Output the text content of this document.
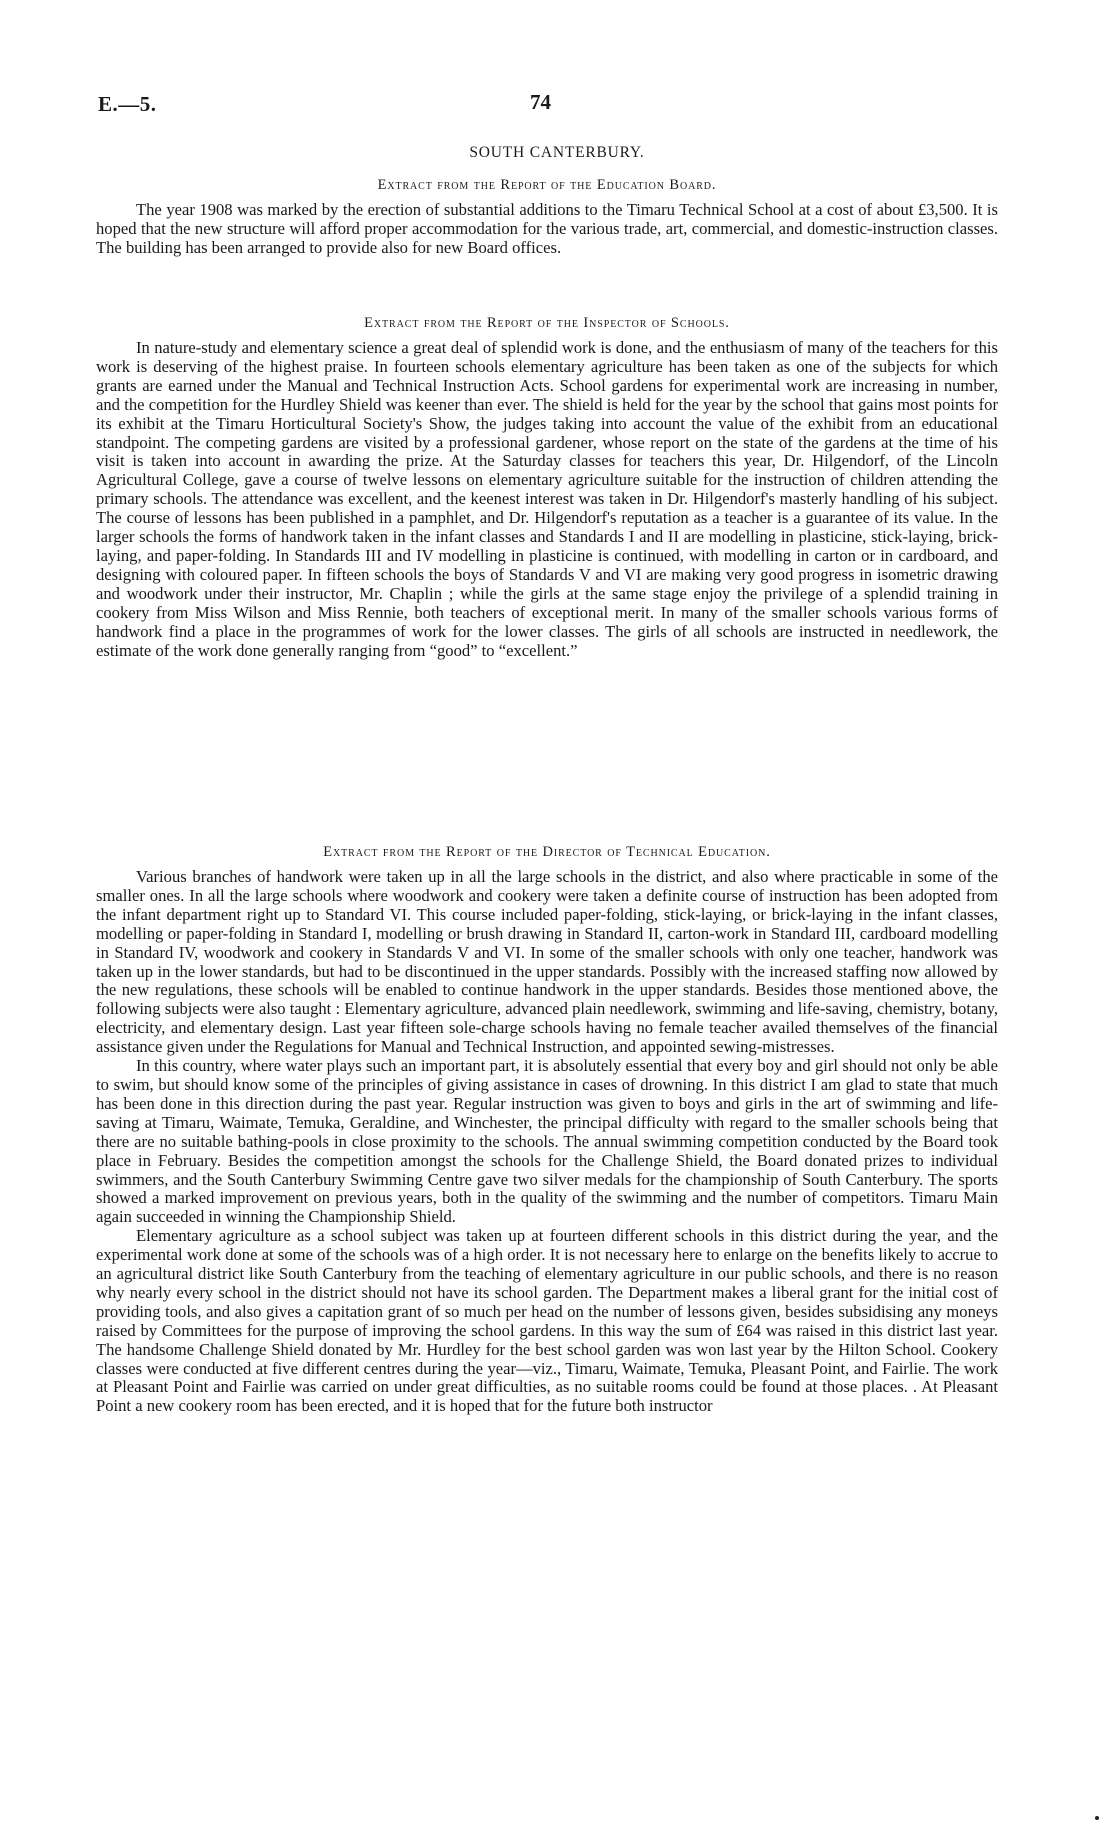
E.—5.	74
SOUTH CANTERBURY.
Extract from the Report of the Education Board.

The year 1908 was marked by the erection of substantial additions to the Timaru Technical School at a cost of about £3,500. It is hoped that the new structure will afford proper accommodation for the various trade, art, commercial, and domestic-instruction classes. The building has been arranged to provide also for new Board offices.

Extract from the Report of the Inspector of Schools.

In nature-study and elementary science a great deal of splendid work is done, and the enthusiasm of many of the teachers for this work is deserving of the highest praise. In fourteen schools elementary agriculture has been taken as one of the subjects for which grants are earned under the Manual and Technical Instruction Acts. School gardens for experimental work are increasing in number, and the competition for the Hurdley Shield was keener than ever. The shield is held for the year by the school that gains most points for its exhibit at the Timaru Horticultural Society's Show, the judges taking into account the value of the exhibit from an educational standpoint. The competing gardens are visited by a professional gardener, whose report on the state of the gardens at the time of his visit is taken into account in awarding the prize. At the Saturday classes for teachers this year, Dr. Hilgendorf, of the Lincoln Agricultural College, gave a course of twelve lessons on elementary agriculture suitable for the instruction of children attending the primary schools. The attendance was excellent, and the keenest interest was taken in Dr. Hilgendorf's masterly handling of his subject. The course of lessons has been published in a pamphlet, and Dr. Hilgendorf's reputation as a teacher is a guarantee of its value. In the larger schools the forms of handwork taken in the infant classes and Standards I and II are modelling in plasticine, stick-laying, brick-laying, and paper-folding. In Standards III and IV modelling in plasticine is continued, with modelling in carton or in cardboard, and designing with coloured paper. In fifteen schools the boys of Standards V and VI are making very good progress in isometric drawing and woodwork under their instructor, Mr. Chaplin ; while the girls at the same stage enjoy the privilege of a splendid training in cookery from Miss Wilson and Miss Rennie, both teachers of exceptional merit. In many of the smaller schools various forms of handwork find a place in the programmes of work for the lower classes. The girls of all schools are instructed in needlework, the estimate of the work done generally ranging from “good” to “excellent.”

Extract from the Report of the Director of Technical Education.

Various branches of handwork were taken up in all the large schools in the district, and also where practicable in some of the smaller ones. In all the large schools where woodwork and cookery were taken a definite course of instruction has been adopted from the infant department right up to Standard VI. This course included paper-folding, stick-laying, or brick-laying in the infant classes, modelling or paper-folding in Standard I, modelling or brush drawing in Standard II, carton-work in Standard III, cardboard modelling in Standard IV, woodwork and cookery in Standards V and VI. In some of the smaller schools with only one teacher, handwork was taken up in the lower standards, but had to be discontinued in the upper standards. Possibly with the increased staffing now allowed by the new regulations, these schools will be enabled to continue handwork in the upper standards. Besides those mentioned above, the following subjects were also taught : Elementary agriculture, advanced plain needlework, swimming and life-saving, chemistry, botany, electricity, and elementary design. Last year fifteen sole-charge schools having no female teacher availed themselves of the financial assistance given under the Regulations for Manual and Technical Instruction, and appointed sewing-mistresses.

In this country, where water plays such an important part, it is absolutely essential that every boy and girl should not only be able to swim, but should know some of the principles of giving assistance in cases of drowning. In this district I am glad to state that much has been done in this direction during the past year. Regular instruction was given to boys and girls in the art of swimming and life-saving at Timaru, Waimate, Temuka, Geraldine, and Winchester, the principal difficulty with regard to the smaller schools being that there are no suitable bathing-pools in close proximity to the schools. The annual swimming competition conducted by the Board took place in February. Besides the competition amongst the schools for the Challenge Shield, the Board donated prizes to individual swimmers, and the South Canterbury Swimming Centre gave two silver medals for the championship of South Canterbury. The sports showed a marked improvement on previous years, both in the quality of the swimming and the number of competitors. Timaru Main again succeeded in winning the Championship Shield.

Elementary agriculture as a school subject was taken up at fourteen different schools in this district during the year, and the experimental work done at some of the schools was of a high order. It is not necessary here to enlarge on the benefits likely to accrue to an agricultural district like South Canterbury from the teaching of elementary agriculture in our public schools, and there is no reason why nearly every school in the district should not have its school garden. The Department makes a liberal grant for the initial cost of providing tools, and also gives a capitation grant of so much per head on the number of lessons given, besides subsidising any moneys raised by Committees for the purpose of improving the school gardens. In this way the sum of £64 was raised in this district last year. The handsome Challenge Shield donated by Mr. Hurdley for the best school garden was won last year by the Hilton School. Cookery classes were conducted at five different centres during the year—viz., Timaru, Waimate, Temuka, Pleasant Point, and Fairlie. The work at Pleasant Point and Fairlie was carried on under great difficulties, as no suitable rooms could be found at those places. . At Pleasant Point a new cookery room has been erected, and it is hoped that for the future both instructor
